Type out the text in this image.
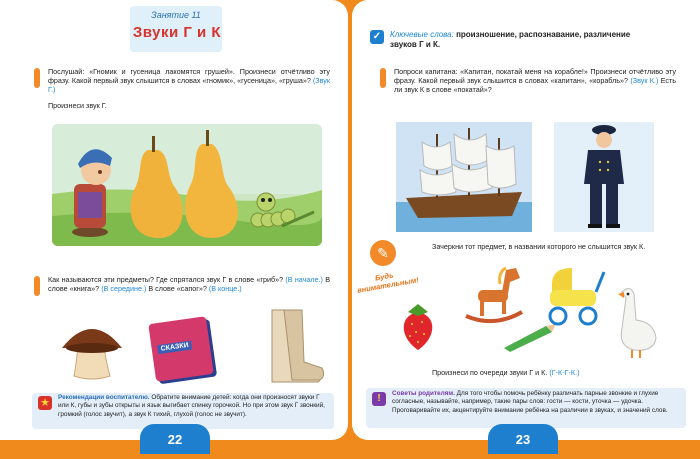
Занятие 11
Звуки Г и К
Послушай: «Гномик и гусеница лакомятся грушей». Произнеси отчётливо эту фразу. Какой первый звук слышится в словах «гномик», «гусеница», «груша»? (Звук Г.)
Произнеси звук Г.
Как называются эти предметы? Где спрятался звук Г в слове «гриб»? (В начале.) В слове «книга»? (В середине.) В слове «сапог»? (В конце.)
СКАЗКИ
★	Рекомендации воспитателю. Обратите внимание детей: когда они произносят звуки Г или К, губы и зубы открыты и язык выгибает спинку горочкой. Но при этом звук Г звонкий, громкий (голос звучит), а звук К тихий, глухой (голос не звучит).
22
✓	Ключевые слова: произношение, распознавание, различение звуков Г и К.
Попроси капитана: «Капитан, покатай меня на корабле!» Произнеси отчётливо эту фразу. Какой первый звук слышится в словах «капитан», «корабль»? (Звук К.) Есть ли звук К в слове «покатай»?
✎
Будь внимательным!
Зачеркни тот предмет, в названии которого не слышится звук К.
Произнеси по очереди звуки Г и К. (Г-К-Г-К.)
!	Советы родителям. Для того чтобы помочь ребёнку различать парные звонкие и глухие согласные, называйте, например, такие пары слов: гости — кости, уточка — удочка. Проговаривайте их, акцентируйте внимание ребёнка на различии в звуках, и значений слов.
23
